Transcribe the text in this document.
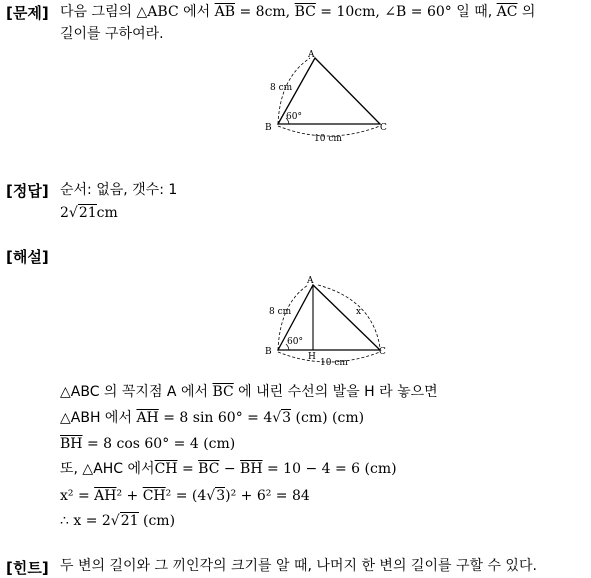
[문제] 다음 그림의 △ABC 에서 $\overline{AB} = 8cm$, $\overline{BC} = 10cm$, ∠B = 60° 일 때, $\overline{AC}$ 의
길이를 구하여라.
A
B	C
8 cm
60°
10 cm
[정답] 순서: 없음, 갯수: 1
2√21cm
[해설]
A
B	C
H
8 cm	x
60°
10 cm
△ABC 의 꼭지점 A 에서 $\overline{BC}$ 에 내린 수선의 발을 H 라 놓으면
△ABH 에서 $\overline{AH} = 8$ sin 60° = 4√3 (cm) (cm)
$\overline{BH} = 8$ cos 60° = 4 (cm)
또, △AHC 에서$\overline{CH} = \overline{BC} - \overline{BH} = 10 - 4 = 6$ (cm)
$x^2 = \overline{AH}^2 + \overline{CH}^2 = (4√3)^2 + 6^2 = 84$
∴ x = 2√21 (cm)
[힌트] 두 변의 길이와 그 끼인각의 크기를 알 때, 나머지 한 변의 길이를 구할 수 있다.
